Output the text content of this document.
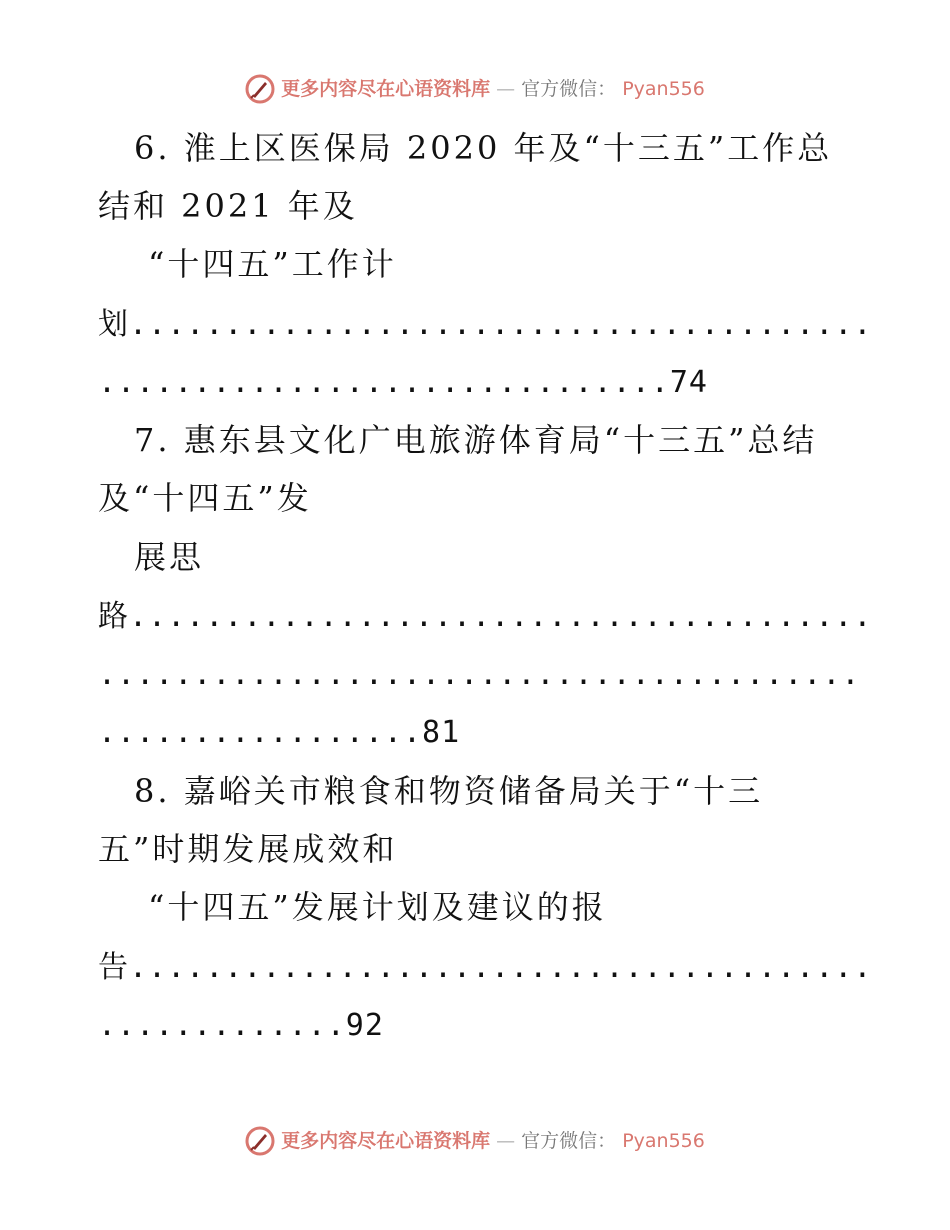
更多内容尽在心语资料库 — 官方微信： Pyan556
6. 淮上区医保局 2020 年及“十三五”工作总
结和 2021 年及
“十四五”工作计
划.......................................
..............................74
7. 惠东县文化广电旅游体育局“十三五”总结
及“十四五”发
展思
路.......................................
........................................
.................81
8. 嘉峪关市粮食和物资储备局关于“十三
五”时期发展成效和
“十四五”发展计划及建议的报
告.......................................
.............92
更多内容尽在心语资料库 — 官方微信： Pyan556
